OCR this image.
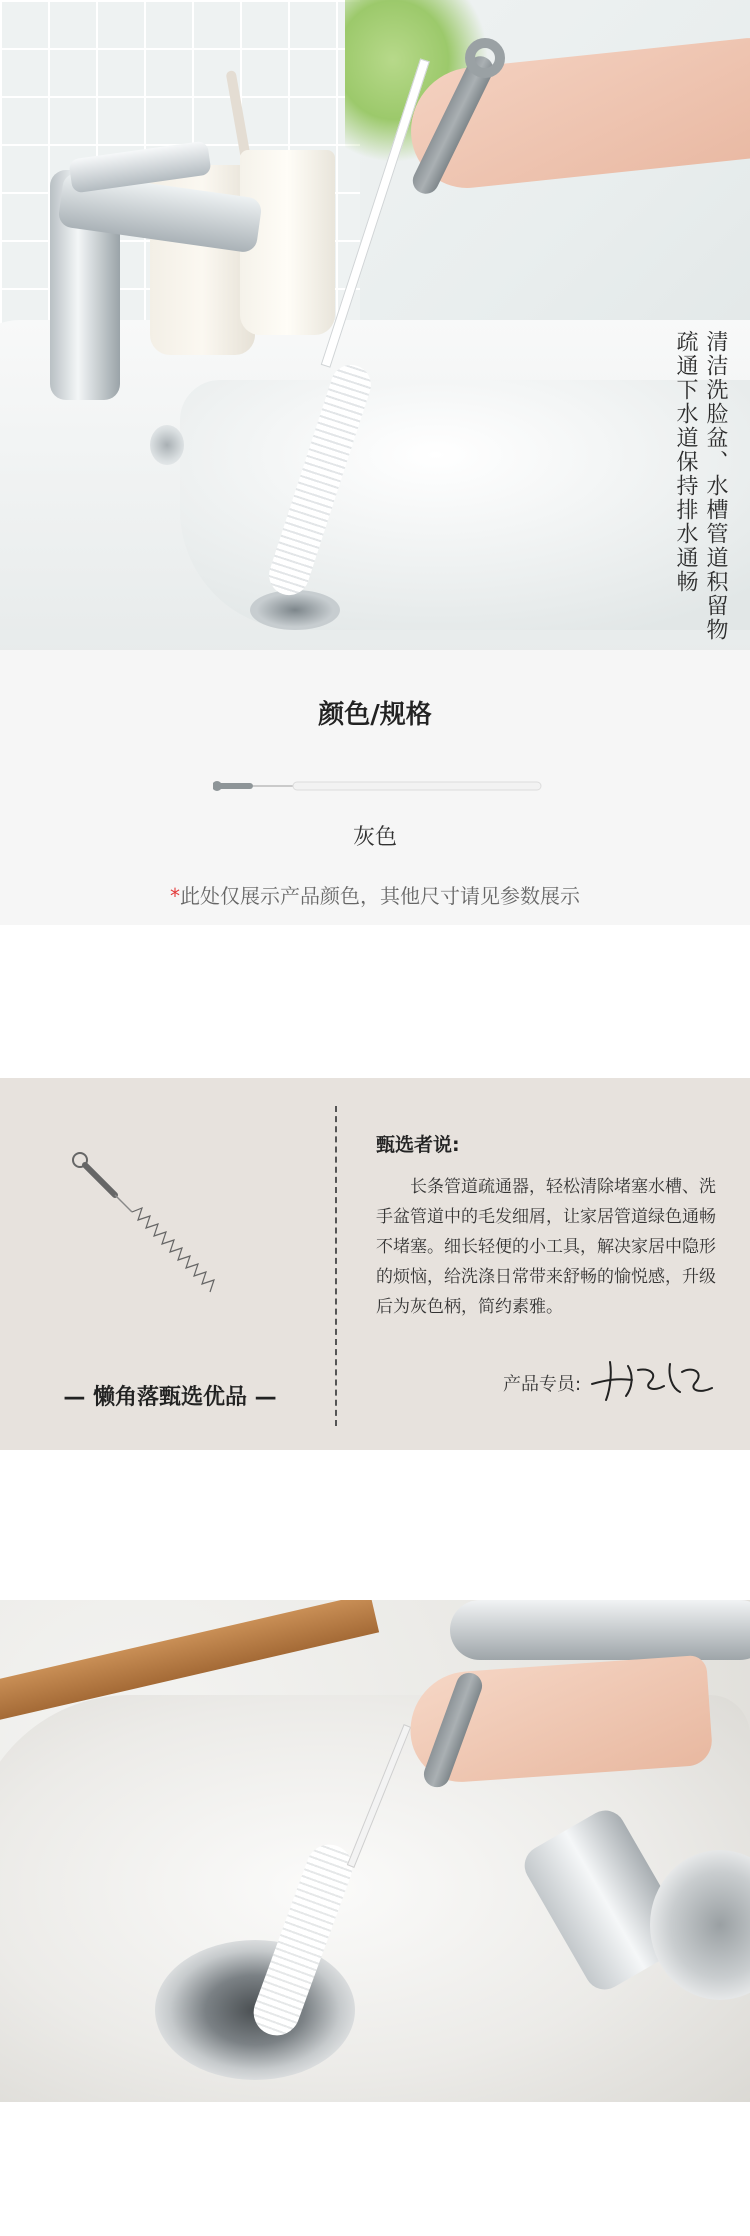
清洁洗脸盆、水槽管道积留物
疏通下水道保持排水通畅
颜色/规格
灰色
*此处仅展示产品颜色，其他尺寸请见参数展示
— 懒角落甄选优品 —
甄选者说:
长条管道疏通器，轻松清除堵塞水槽、洗手盆管道中的毛发细屑，让家居管道绿色通畅不堵塞。细长轻便的小工具，解决家居中隐形的烦恼，给洗涤日常带来舒畅的愉悦感，升级后为灰色柄，简约素雅。
产品专员:
